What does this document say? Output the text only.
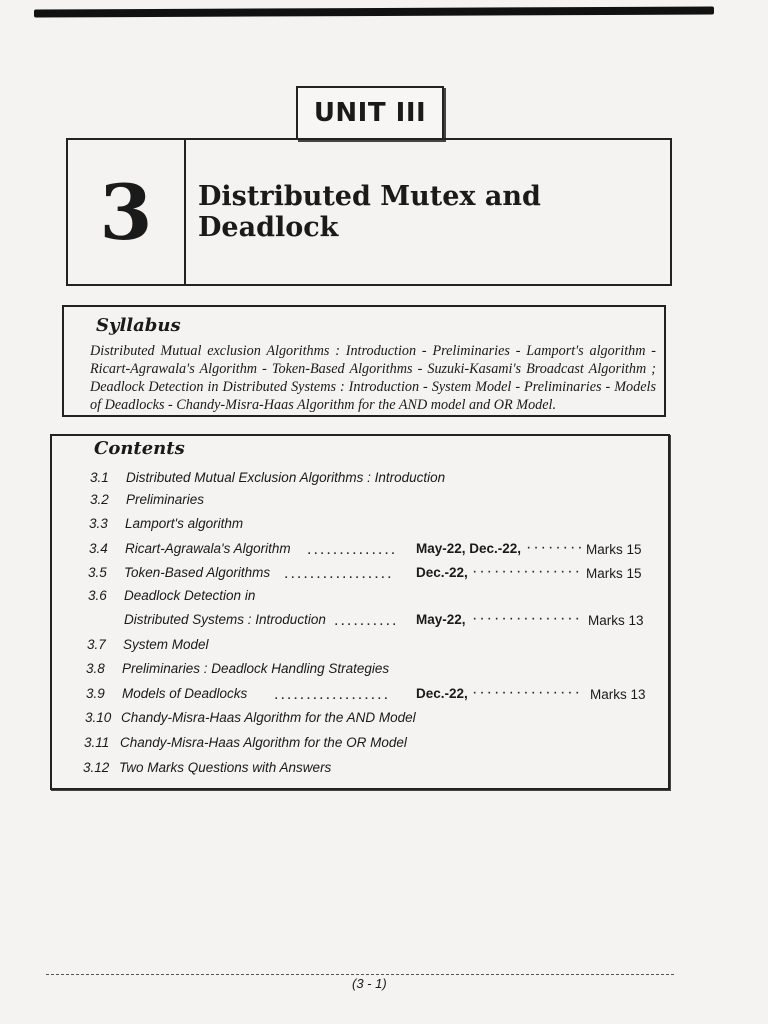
UNIT III
3 Distributed Mutex and Deadlock
Syllabus

Distributed Mutual exclusion Algorithms : Introduction - Preliminaries - Lamport's algorithm - Ricart-Agrawala's Algorithm - Token-Based Algorithms - Suzuki-Kasami's Broadcast Algorithm ; Deadlock Detection in Distributed Systems : Introduction - System Model - Preliminaries - Models of Deadlocks - Chandy-Misra-Haas Algorithm for the AND model and OR Model.

Contents
3.1	Distributed Mutual Exclusion Algorithms : Introduction
3.2	Preliminaries
3.3	Lamport's algorithm
3.4	Ricart-Agrawala's Algorithm .............. May-22, Dec.-22, ········ Marks 15
3.5	Token-Based Algorithms ................. Dec.-22, ··············· Marks 15
3.6	Deadlock Detection in
Distributed Systems : Introduction .......... May-22, ··············· Marks 13
3.7	System Model
3.8	Preliminaries : Deadlock Handling Strategies
3.9	Models of Deadlocks .................. Dec.-22, ··············· Marks 13
3.10 Chandy-Misra-Haas Algorithm for the AND Model
3.11 Chandy-Misra-Haas Algorithm for the OR Model
3.12 Two Marks Questions with Answers
(3 - 1)
